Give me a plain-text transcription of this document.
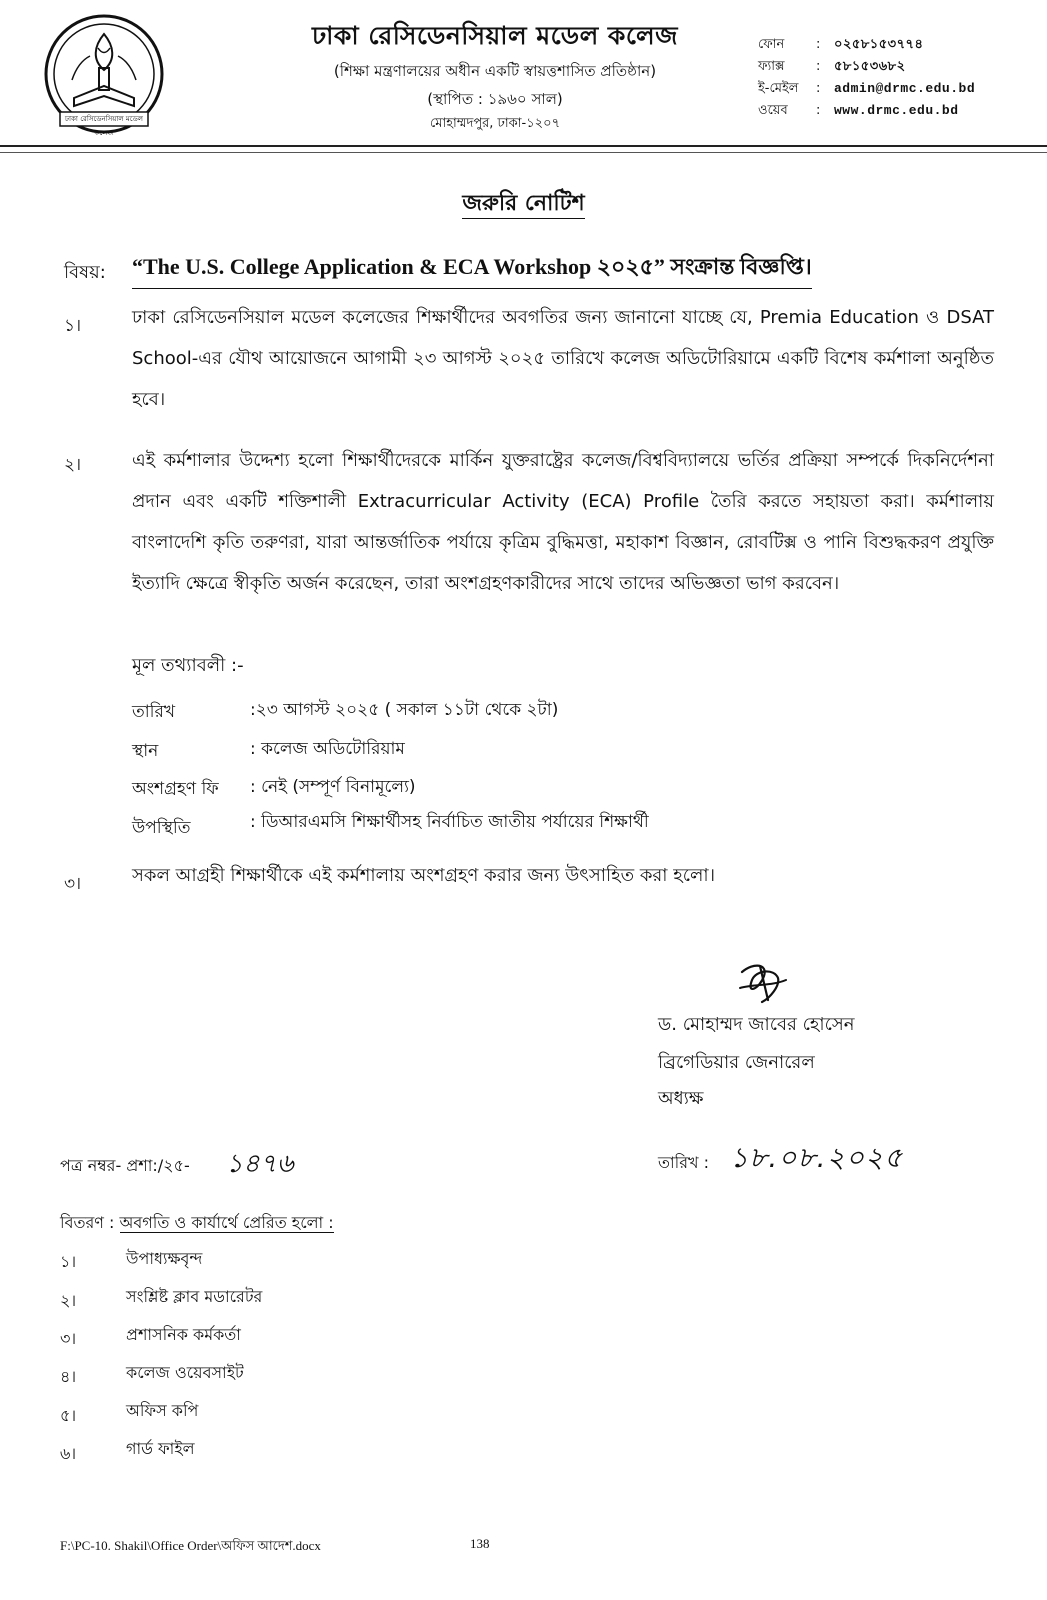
ঢাকা রেসিডেনসিয়াল মডেল কলেজ
ঢাকা রেসিডেনসিয়াল মডেল কলেজ
(শিক্ষা মন্ত্রণালয়ের অধীন একটি স্বায়ত্তশাসিত প্রতিষ্ঠান)
(স্থাপিত : ১৯৬০ সাল)
মোহাম্মদপুর, ঢাকা-১২০৭
ফোন	:	০২৫৮১৫৩৭৭৪
ফ্যাক্স	:	৫৮১৫৩৬৮২
ই-মেইল	:	admin@drmc.edu.bd
ওয়েব	:	www.drmc.edu.bd
জরুরি নোটিশ
বিষয়: “The U.S. College Application & ECA Workshop ২০২৫” সংক্রান্ত বিজ্ঞপ্তি।
১।	ঢাকা রেসিডেনসিয়াল মডেল কলেজের শিক্ষার্থীদের অবগতির জন্য জানানো যাচ্ছে যে, Premia Education ও DSAT School-এর যৌথ আয়োজনে আগামী ২৩ আগস্ট ২০২৫ তারিখে কলেজ অডিটোরিয়ামে একটি বিশেষ কর্মশালা অনুষ্ঠিত হবে।
২।	এই কর্মশালার উদ্দেশ্য হলো শিক্ষার্থীদেরকে মার্কিন যুক্তরাষ্ট্রের কলেজ/বিশ্ববিদ্যালয়ে ভর্তির প্রক্রিয়া সম্পর্কে দিকনির্দেশনা প্রদান এবং একটি শক্তিশালী Extracurricular Activity (ECA) Profile তৈরি করতে সহায়তা করা। কর্মশালায় বাংলাদেশি কৃতি তরুণরা, যারা আন্তর্জাতিক পর্যায়ে কৃত্রিম বুদ্ধিমত্তা, মহাকাশ বিজ্ঞান, রোবটিক্স ও পানি বিশুদ্ধকরণ প্রযুক্তি ইত্যাদি ক্ষেত্রে স্বীকৃতি অর্জন করেছেন, তারা অংশগ্রহণকারীদের সাথে তাদের অভিজ্ঞতা ভাগ করবেন।
মূল তথ্যাবলী :-
তারিখ	:২৩ আগস্ট ২০২৫ ( সকাল ১১টা থেকে ২টা)
স্থান	: কলেজ অডিটোরিয়াম
অংশগ্রহণ ফি	: নেই (সম্পূর্ণ বিনামূল্যে)
উপস্থিতি	: ডিআরএমসি শিক্ষার্থীসহ নির্বাচিত জাতীয় পর্যায়ের শিক্ষার্থী
৩।	সকল আগ্রহী শিক্ষার্থীকে এই কর্মশালায় অংশগ্রহণ করার জন্য উৎসাহিত করা হলো।
ড. মোহাম্মদ জাবের হোসেন
ব্রিগেডিয়ার জেনারেল
অধ্যক্ষ
পত্র নম্বর- প্রশা:/২৫- ১৪৭৬	তারিখ : ১৮.০৮.২০২৫
বিতরণ : অবগতি ও কার্যার্থে প্রেরিত হলো :
১।	উপাধ্যক্ষবৃন্দ
২।	সংশ্লিষ্ট ক্লাব মডারেটর
৩।	প্রশাসনিক কর্মকর্তা
৪।	কলেজ ওয়েবসাইট
৫।	অফিস কপি
৬।	গার্ড ফাইল
F:\PC-10. Shakil\Office Order\অফিস আদেশ.docx	138
